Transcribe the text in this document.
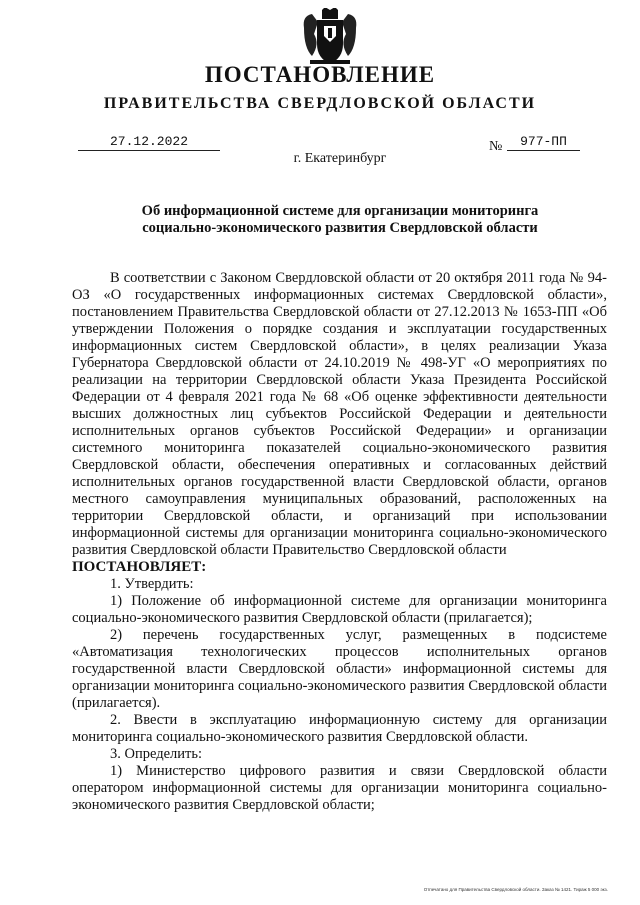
ПОСТАНОВЛЕНИЕ
ПРАВИТЕЛЬСТВА СВЕРДЛОВСКОЙ ОБЛАСТИ
27.12.2022	№	977-ПП
г. Екатеринбург
Об информационной системе для организации мониторинга
социально-экономического развития Свердловской области

В соответствии с Законом Свердловской области от 20 октября 2011 года № 94-ОЗ «О государственных информационных системах Свердловской области», постановлением Правительства Свердловской области от 27.12.2013 № 1653-ПП «Об утверждении Положения о порядке создания и эксплуатации государственных информационных систем Свердловской области», в целях реализации Указа Губернатора Свердловской области от 24.10.2019 № 498-УГ «О мероприятиях по реализации на территории Свердловской области Указа Президента Российской Федерации от 4 февраля 2021 года № 68 «Об оценке эффективности деятельности высших должностных лиц субъектов Российской Федерации и деятельности исполнительных органов субъектов Российской Федерации» и организации системного мониторинга показателей социально-экономического развития Свердловской области, обеспечения оперативных и согласованных действий исполнительных органов государственной власти Свердловской области, органов местного самоуправления муниципальных образований, расположенных на территории Свердловской области, и организаций при использовании информационной системы для организации мониторинга социально-экономического развития Свердловской области Правительство Свердловской области

ПОСТАНОВЛЯЕТ:

1. Утвердить:

1) Положение об информационной системе для организации мониторинга социально-экономического развития Свердловской области (прилагается);

2) перечень государственных услуг, размещенных в подсистеме «Автоматизация технологических процессов исполнительных органов государственной власти Свердловской области» информационной системы для организации мониторинга социально-экономического развития Свердловской области (прилагается).

2. Ввести в эксплуатацию информационную систему для организации мониторинга социально-экономического развития Свердловской области.

3. Определить:

1) Министерство цифрового развития и связи Свердловской области оператором информационной системы для организации мониторинга социально-экономического развития Свердловской области;

Отпечатано для Правительства Свердловской области. Заказ № 1421. Тираж 5 000 экз.
